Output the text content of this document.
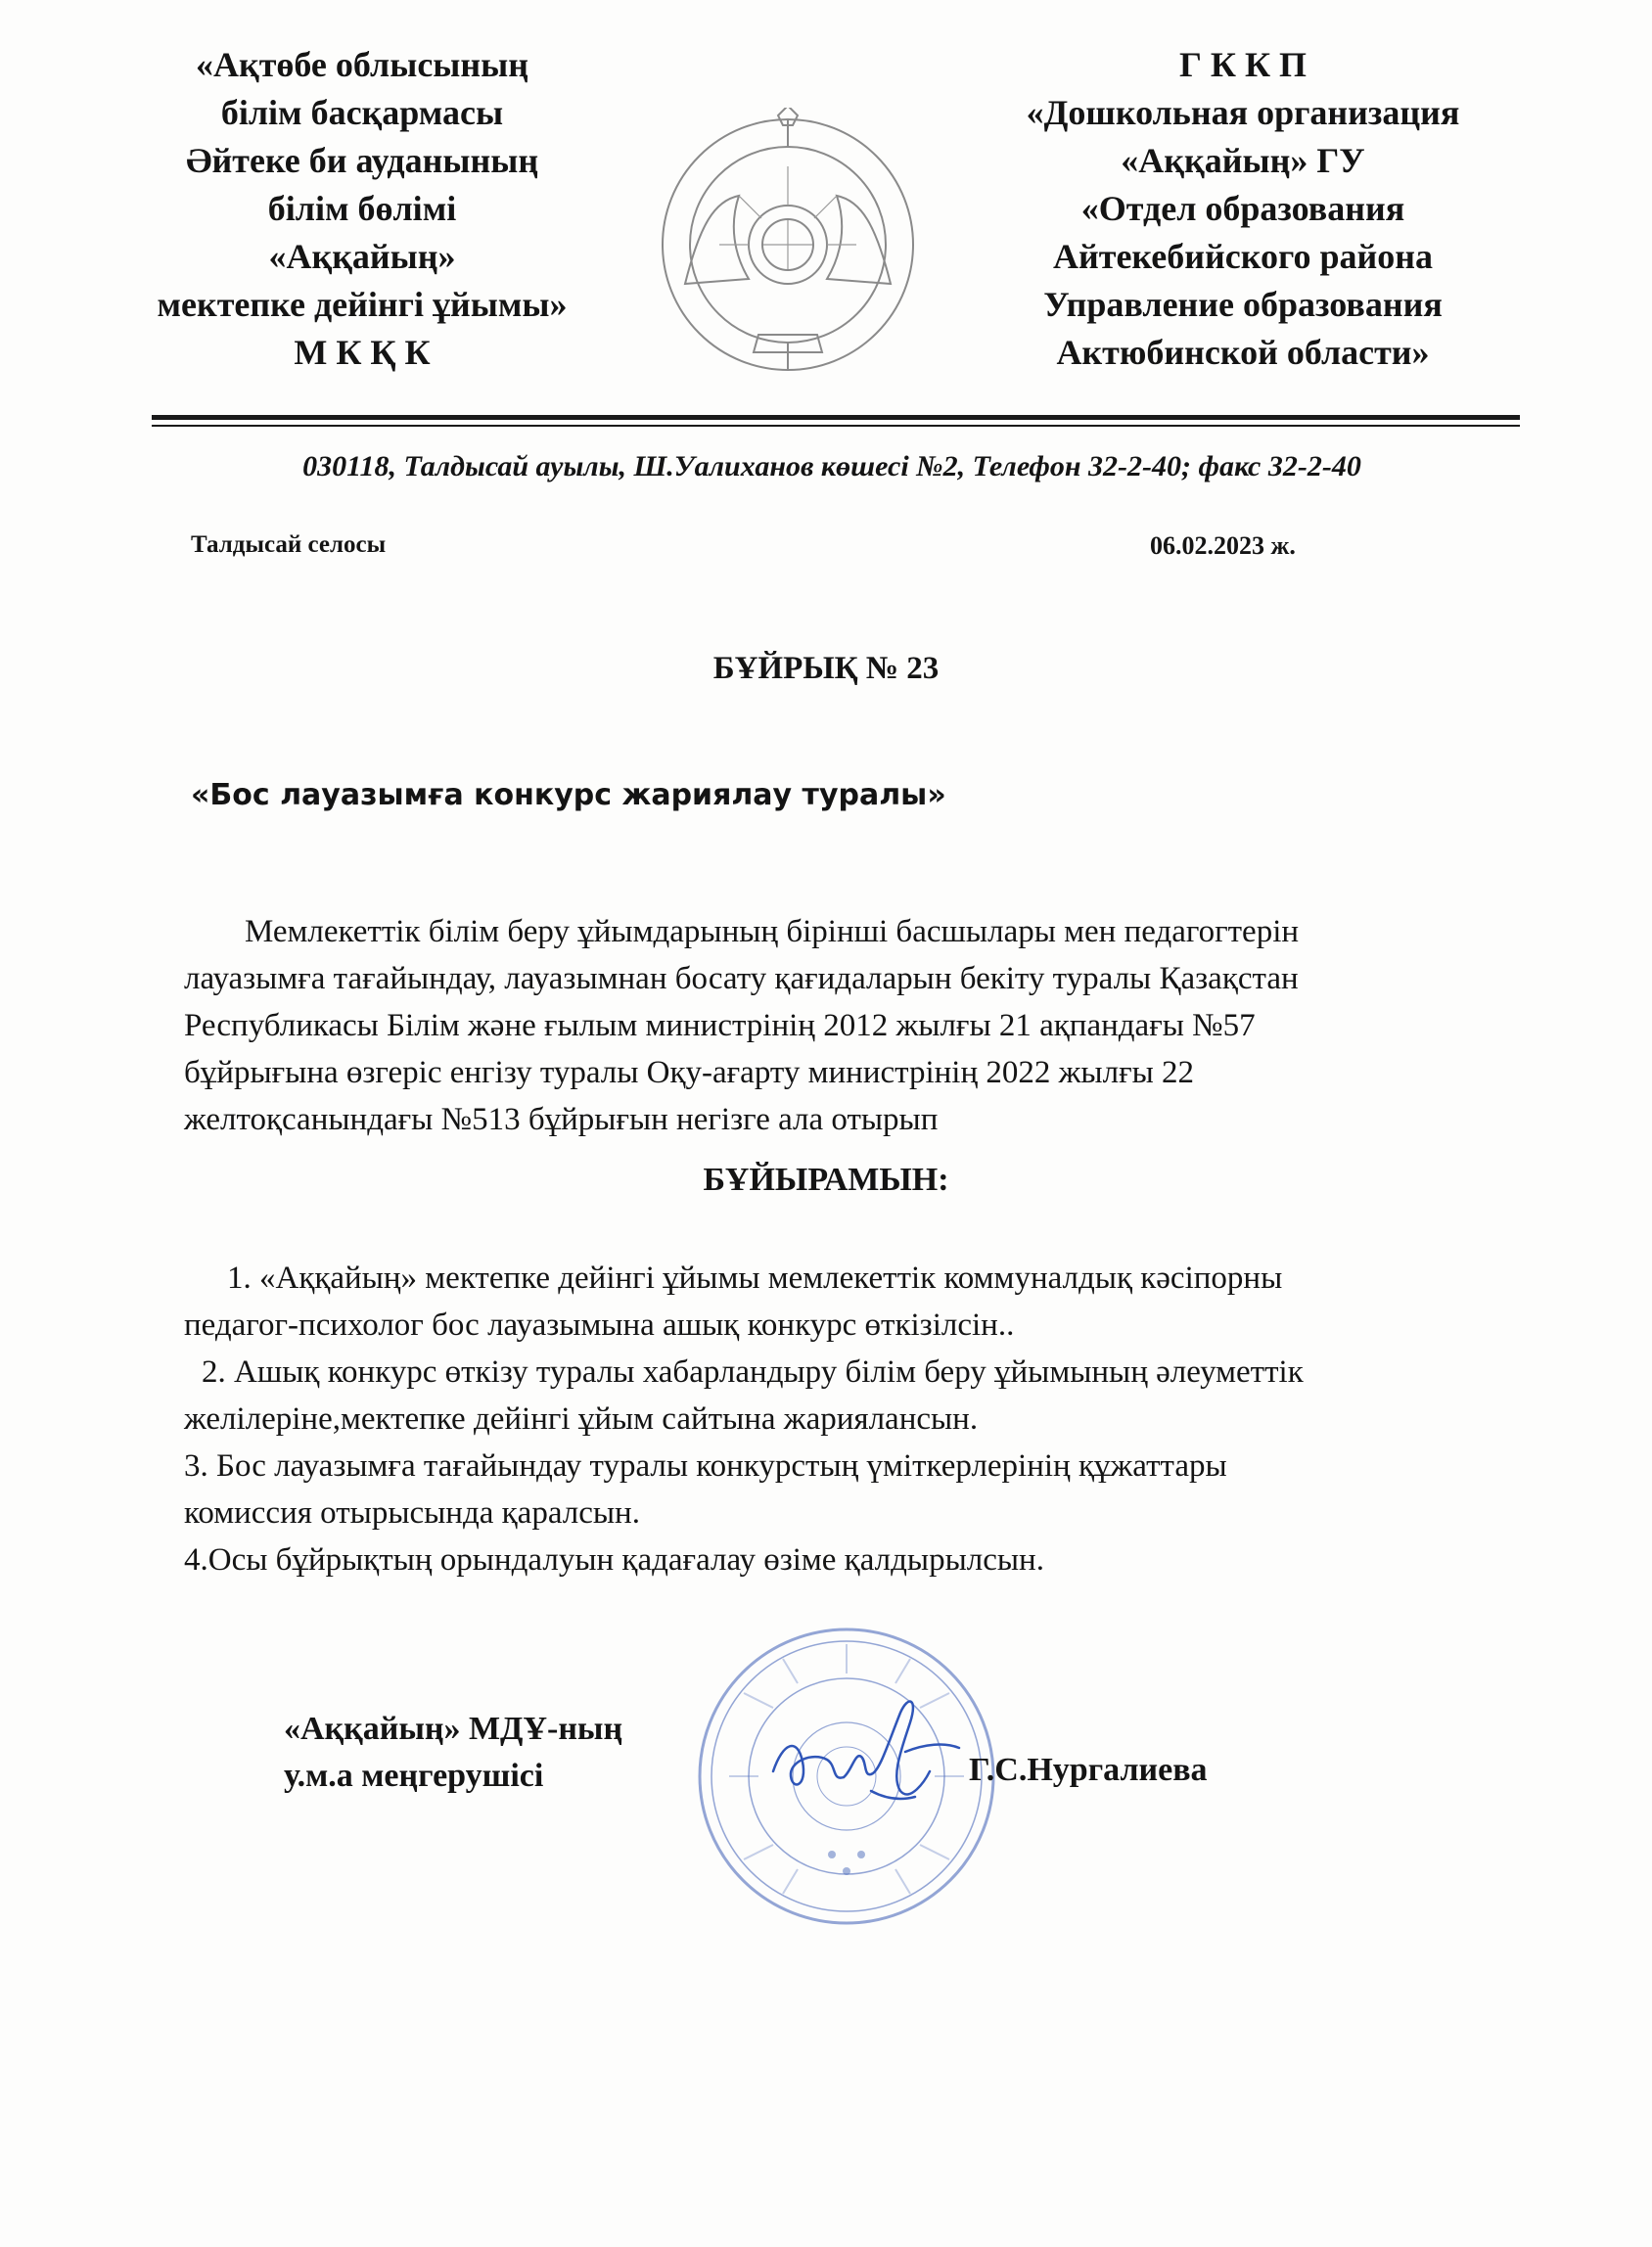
«Ақтөбе облысының
білім басқармасы
Әйтеке би ауданының
білім бөлімі
«Аққайың»
мектепке дейінгі ұйымы»
М К Қ К
Г К К П
«Дошкольная организация
«Аққайың» ГУ
«Отдел образования
Айтекебийского района
Управление образования
Актюбинской области»
030118, Талдысай ауылы, Ш.Уалиханов көшесі №2, Телефон 32-2-40; факс 32-2-40
Талдысай селосы	06.02.2023 ж.
БҰЙРЫҚ № 23
«Бос лауазымға конкурс жариялау туралы»
Мемлекеттік білім беру ұйымдарының бірінші басшылары мен педагогтерін
лауазымға тағайындау, лауазымнан босату қағидаларын бекіту туралы Қазақстан
Республикасы Білім және ғылым министрінің 2012 жылғы 21 ақпандағы №57
бұйрығына өзгеріс енгізу туралы Оқу-ағарту министрінің 2022 жылғы 22
желтоқсанындағы №513 бұйрығын негізге ала отырып
БҰЙЫРАМЫН:
1. «Аққайың» мектепке дейінгі ұйымы мемлекеттік коммуналдық кәсіпорны
педагог-психолог бос лауазымына ашық конкурс өткізілсін..
2. Ашық конкурс өткізу туралы хабарландыру білім беру ұйымының әлеуметтік
желілеріне,мектепке дейінгі ұйым сайтына жариялансын.
3. Бос лауазымға тағайындау туралы конкурстың үміткерлерінің құжаттары
комиссия отырысында қаралсын.
4.Осы бұйрықтың орындалуын қадағалау өзіме қалдырылсын.
«Аққайың» МДҰ-ның
у.м.а меңгерушісі	Г.С.Нургалиева
